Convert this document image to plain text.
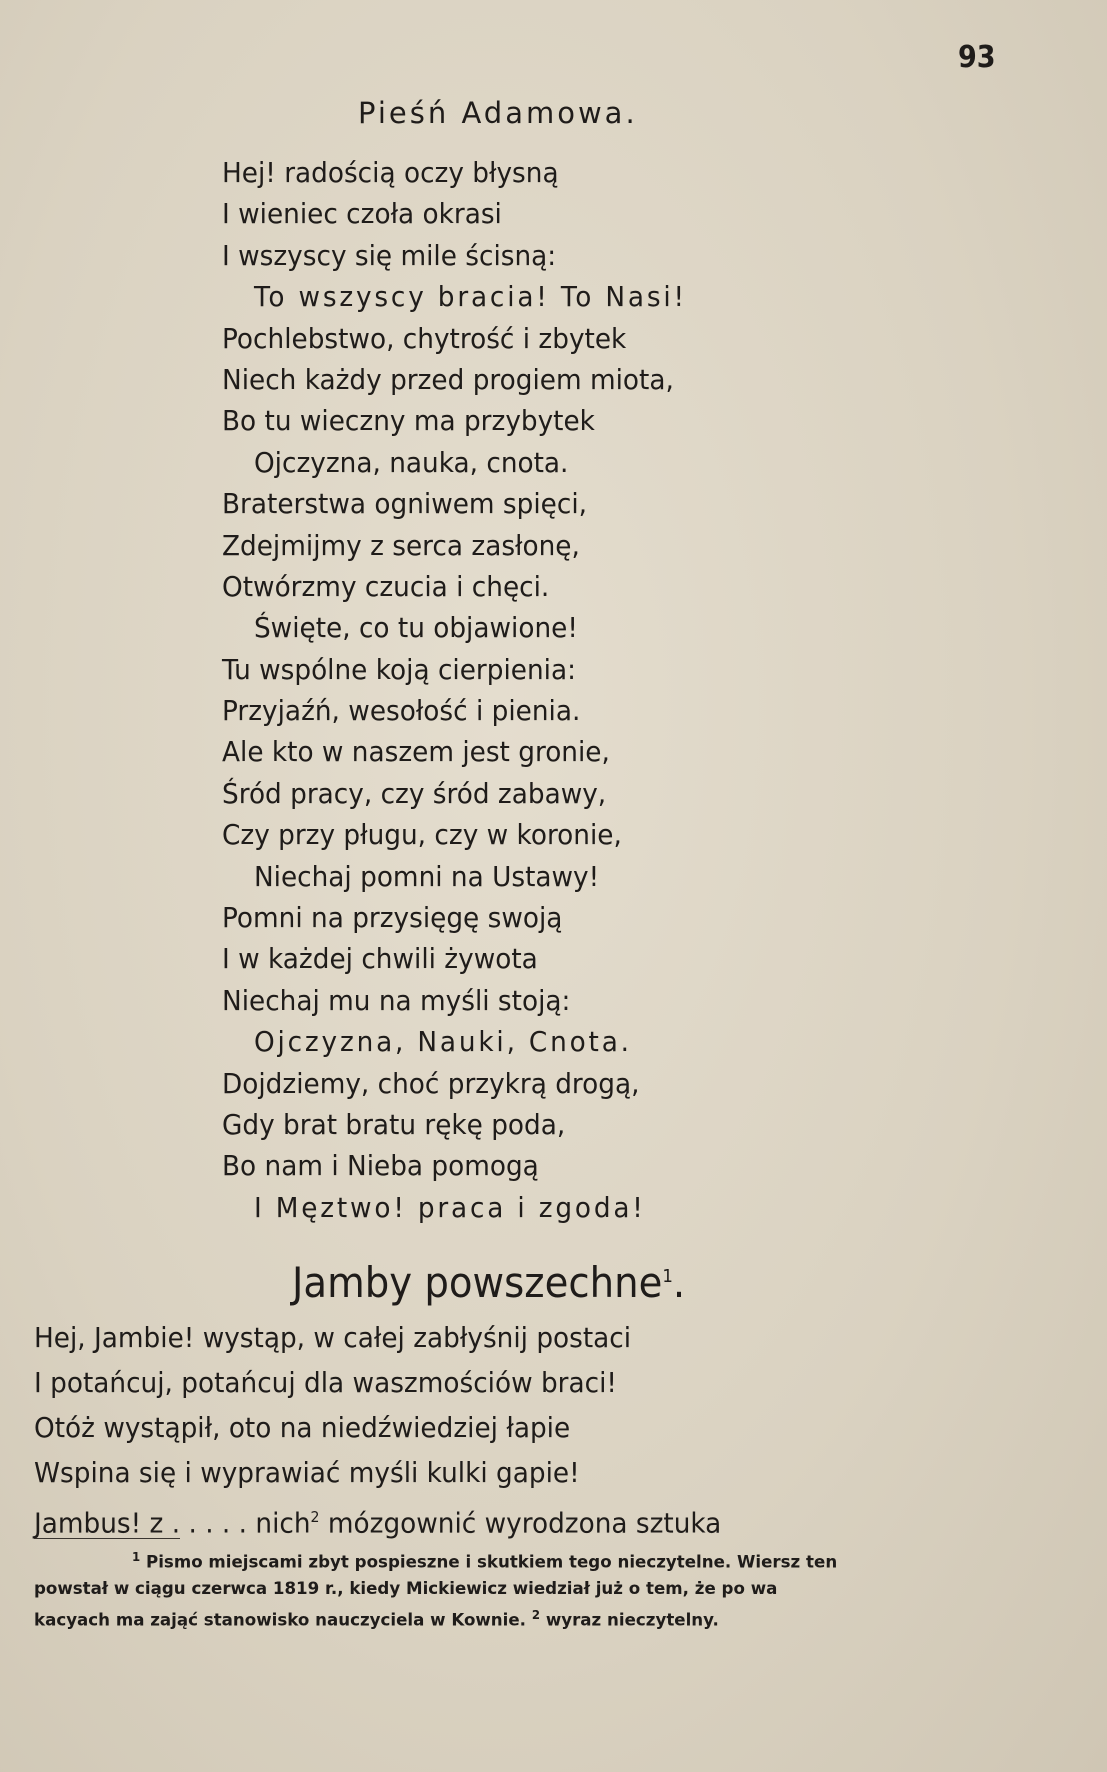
93
Pieśń Adamowa.
Hej! radością oczy błysną
I wieniec czoła okrasi
I wszyscy się mile ścisną:
To wszyscy bracia! To Nasi!
Pochlebstwo, chytrość i zbytek
Niech każdy przed progiem miota,
Bo tu wieczny ma przybytek
Ojczyzna, nauka, cnota.
Braterstwa ogniwem spięci,
Zdejmijmy z serca zasłonę,
Otwórzmy czucia i chęci.
Święte, co tu objawione!
Tu wspólne koją cierpienia:
Przyjaźń, wesołość i pienia.
Ale kto w naszem jest gronie,
Śród pracy, czy śród zabawy,
Czy przy pługu, czy w koronie,
Niechaj pomni na Ustawy!
Pomni na przysięgę swoją
I w każdej chwili żywota
Niechaj mu na myśli stoją:
Ojczyzna, Nauki, Cnota.
Dojdziemy, choć przykrą drogą,
Gdy brat bratu rękę poda,
Bo nam i Nieba pomogą
I Męztwo! praca i zgoda!
Jamby powszechne$^1$.
Hej, Jambie! wystąp, w całej zabłyśnij postaci
I potańcuj, potańcuj dla waszmościów braci!
Otóż wystąpił, oto na niedźwiedziej łapie
Wspina się i wyprawiać myśli kulki gapie!
Jambus! z . . . . . nich$^2$ mózgownić wyrodzona sztuka
$^1$ Pismo miejscami zbyt pospieszne i skutkiem tego nieczytelne. Wiersz ten
powstał w ciągu czerwca 1819 r., kiedy Mickiewicz wiedział już o tem, że po wa
kacyach ma zająć stanowisko nauczyciela w Kownie. $^2$ wyraz nieczytelny.
